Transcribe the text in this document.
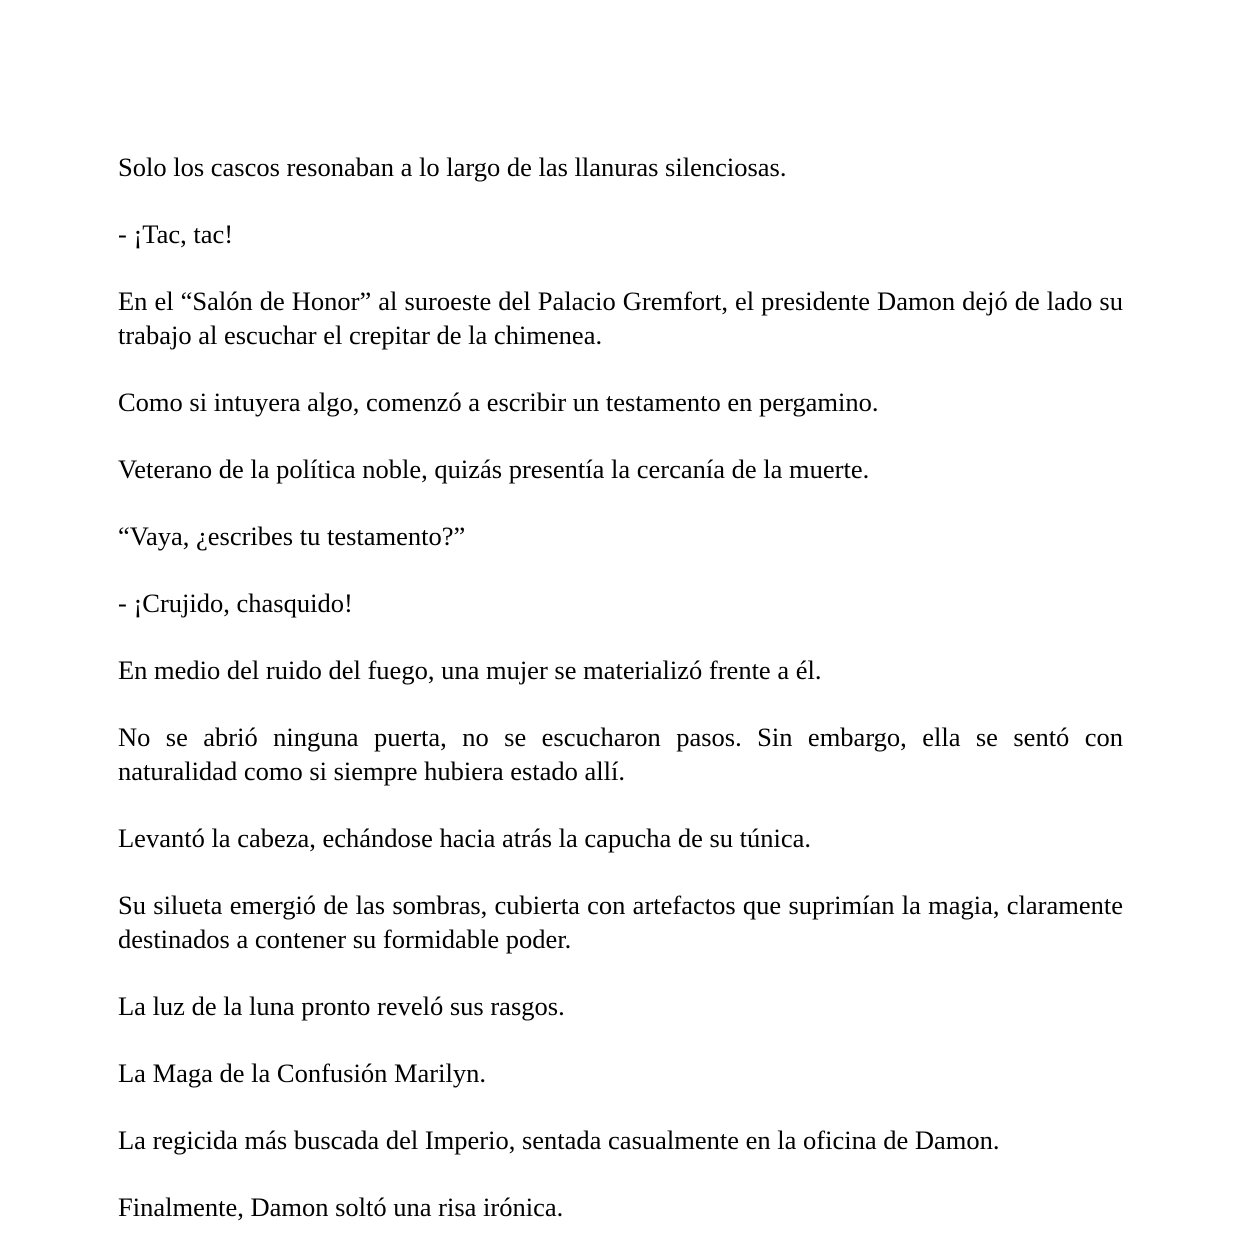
Solo los cascos resonaban a lo largo de las llanuras silenciosas.

- ¡Tac, tac!

En el “Salón de Honor” al suroeste del Palacio Gremfort, el presidente Damon dejó de lado su trabajo al escuchar el crepitar de la chimenea.

Como si intuyera algo, comenzó a escribir un testamento en pergamino.

Veterano de la política noble, quizás presentía la cercanía de la muerte.

“Vaya, ¿escribes tu testamento?”

- ¡Crujido, chasquido!

En medio del ruido del fuego, una mujer se materializó frente a él.

No se abrió ninguna puerta, no se escucharon pasos. Sin embargo, ella se sentó con naturalidad como si siempre hubiera estado allí.

Levantó la cabeza, echándose hacia atrás la capucha de su túnica.

Su silueta emergió de las sombras, cubierta con artefactos que suprimían la magia, claramente destinados a contener su formidable poder.

La luz de la luna pronto reveló sus rasgos.

La Maga de la Confusión Marilyn.

La regicida más buscada del Imperio, sentada casualmente en la oficina de Damon.

Finalmente, Damon soltó una risa irónica.
